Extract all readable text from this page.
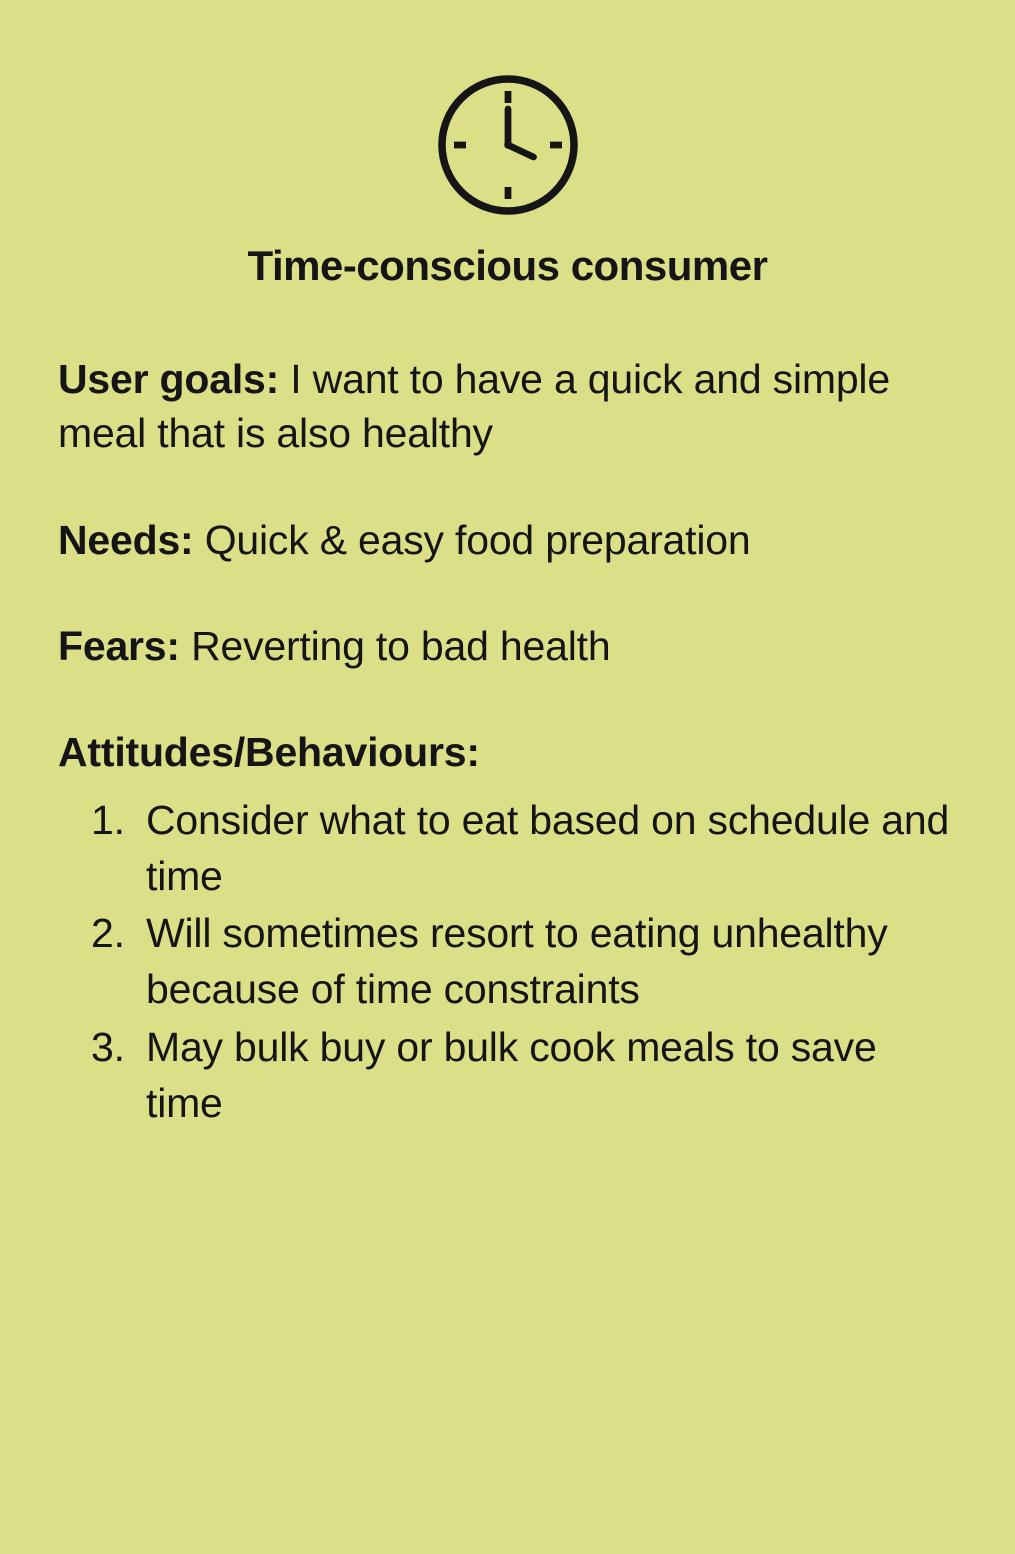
Time-conscious consumer

User goals: I want to have a quick and simple meal that is also healthy

Needs: Quick & easy food preparation

Fears: Reverting to bad health

Attitudes/Behaviours:

1. Consider what to eat based on schedule and time
2. Will sometimes resort to eating unhealthy because of time constraints
3. May bulk buy or bulk cook meals to save time
